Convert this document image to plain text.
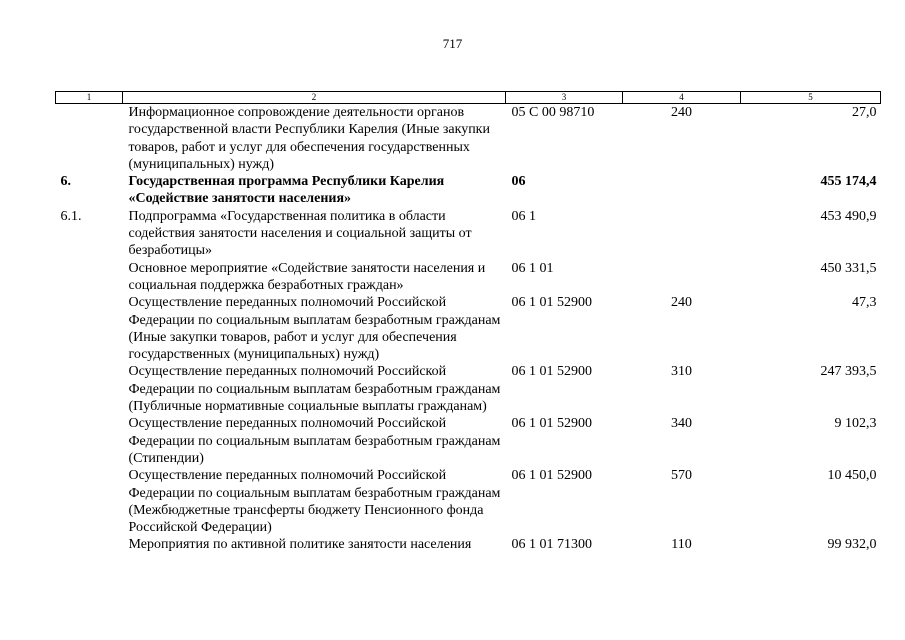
717
1	2	3	4	5
	Информационное сопровождение деятельности органов государственной власти Республики Карелия (Иные закупки товаров, работ и услуг для обеспечения государственных (муниципальных) нужд)	05 С 00 98710	240	27,0
6.	Государственная программа Республики Карелия «Содействие занятости населения»	06		455 174,4
6.1.	Подпрограмма «Государственная политика в области содействия занятости населения и социальной защиты от безработицы»	06 1		453 490,9
	Основное мероприятие «Содействие занятости населения и социальная поддержка безработных граждан»	06 1 01		450 331,5
	Осуществление переданных полномочий Российской Федерации по социальным выплатам безработным гражданам (Иные закупки товаров, работ и услуг для обеспечения государственных (муниципальных) нужд)	06 1 01 52900	240	47,3
	Осуществление переданных полномочий Российской Федерации по социальным выплатам безработным гражданам (Публичные нормативные социальные выплаты гражданам)	06 1 01 52900	310	247 393,5
	Осуществление переданных полномочий Российской Федерации по социальным выплатам безработным гражданам (Стипендии)	06 1 01 52900	340	9 102,3
	Осуществление переданных полномочий Российской Федерации по социальным выплатам безработным гражданам (Межбюджетные трансферты бюджету Пенсионного фонда Российской Федерации)	06 1 01 52900	570	10 450,0
	Мероприятия по активной политике занятости населения	06 1 01 71300	110	99 932,0
